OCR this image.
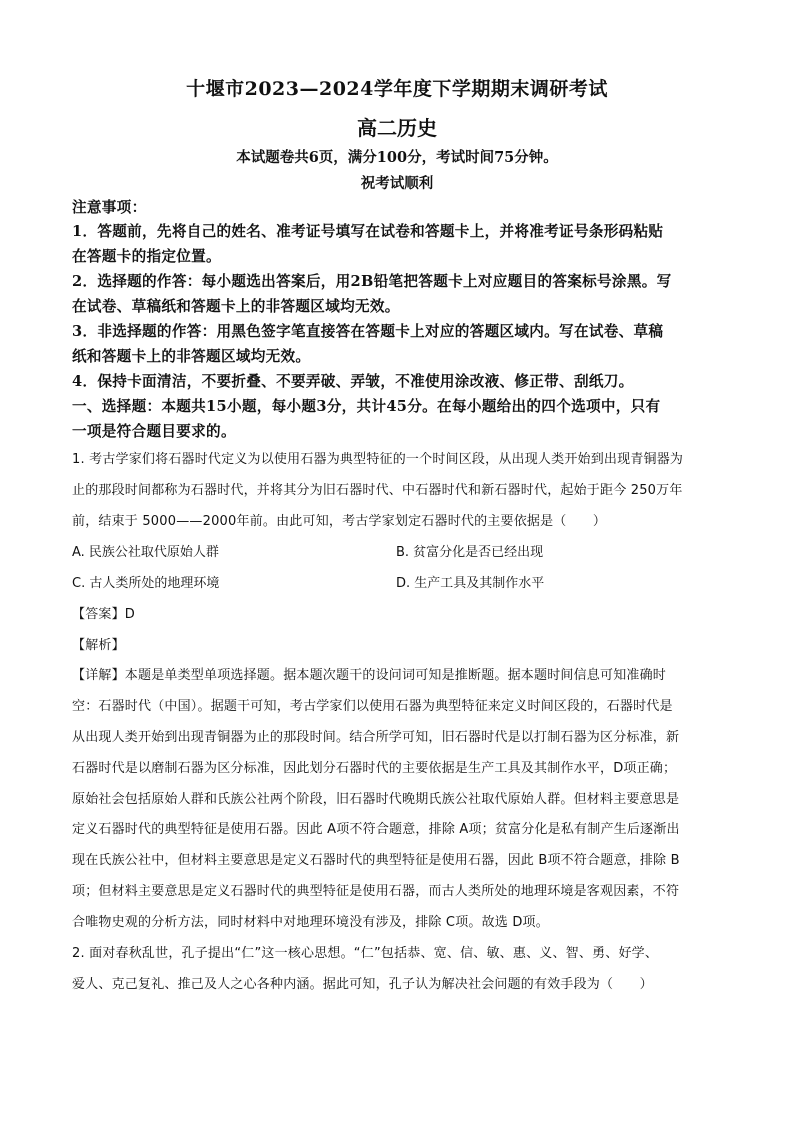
十堰市2023—2024学年度下学期期末调研考试
高二历史
本试题卷共6页，满分100分，考试时间75分钟。
祝考试顺利
注意事项：
1．答题前，先将自己的姓名、准考证号填写在试卷和答题卡上，并将准考证号条形码粘贴
在答题卡的指定位置。
2．选择题的作答：每小题选出答案后，用2B铅笔把答题卡上对应题目的答案标号涂黑。写
在试卷、草稿纸和答题卡上的非答题区域均无效。
3．非选择题的作答：用黑色签字笔直接答在答题卡上对应的答题区域内。写在试卷、草稿
纸和答题卡上的非答题区域均无效。
4．保持卡面清洁，不要折叠、不要弄破、弄皱，不准使用涂改液、修正带、刮纸刀。
一、选择题：本题共15小题，每小题3分，共计45分。在每小题给出的四个选项中，只有
一项是符合题目要求的。
1. 考古学家们将石器时代定义为以使用石器为典型特征的一个时间区段，从出现人类开始到出现青铜器为
止的那段时间都称为石器时代，并将其分为旧石器时代、中石器时代和新石器时代，起始于距今 250万年
前，结束于 5000——2000年前。由此可知，考古学家划定石器时代的主要依据是（　　）
A. 民族公社取代原始人群	B. 贫富分化是否已经出现
C. 古人类所处的地理环境	D. 生产工具及其制作水平
【答案】D
【解析】
【详解】本题是单类型单项选择题。据本题次题干的设问词可知是推断题。据本题时间信息可知准确时
空：石器时代（中国）。据题干可知，考古学家们以使用石器为典型特征来定义时间区段的，石器时代是
从出现人类开始到出现青铜器为止的那段时间。结合所学可知，旧石器时代是以打制石器为区分标准，新
石器时代是以磨制石器为区分标准，因此划分石器时代的主要依据是生产工具及其制作水平，D项正确；
原始社会包括原始人群和氏族公社两个阶段，旧石器时代晚期氏族公社取代原始人群。但材料主要意思是
定义石器时代的典型特征是使用石器。因此 A项不符合题意，排除 A项；贫富分化是私有制产生后逐渐出
现在氏族公社中，但材料主要意思是定义石器时代的典型特征是使用石器，因此 B项不符合题意，排除 B
项；但材料主要意思是定义石器时代的典型特征是使用石器，而古人类所处的地理环境是客观因素，不符
合唯物史观的分析方法，同时材料中对地理环境没有涉及，排除 C项。故选 D项。
2. 面对春秋乱世，孔子提出“仁”这一核心思想。“仁”包括恭、宽、信、敏、惠、义、智、勇、好学、
爱人、克己复礼、推己及人之心各种内涵。据此可知，孔子认为解决社会问题的有效手段为（　　）
